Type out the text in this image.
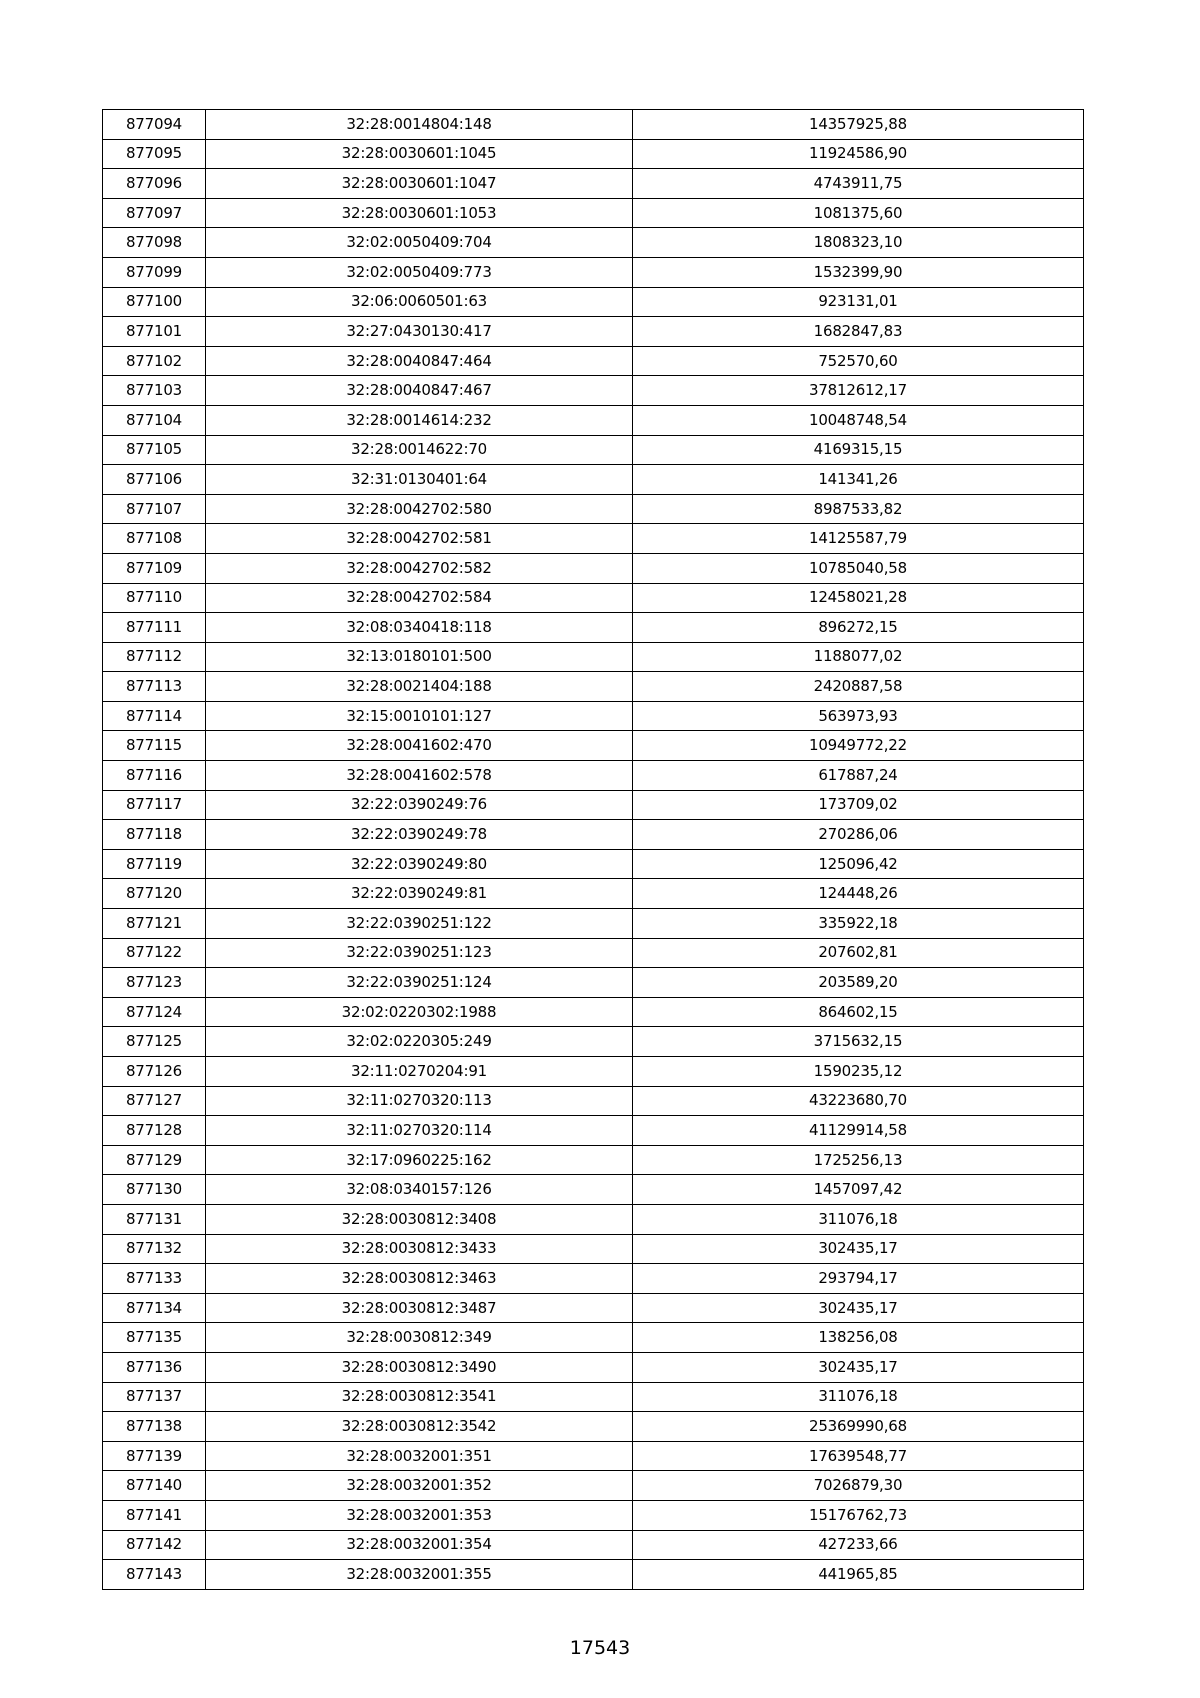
877094	32:28:0014804:148	14357925,88
877095	32:28:0030601:1045	11924586,90
877096	32:28:0030601:1047	4743911,75
877097	32:28:0030601:1053	1081375,60
877098	32:02:0050409:704	1808323,10
877099	32:02:0050409:773	1532399,90
877100	32:06:0060501:63	923131,01
877101	32:27:0430130:417	1682847,83
877102	32:28:0040847:464	752570,60
877103	32:28:0040847:467	37812612,17
877104	32:28:0014614:232	10048748,54
877105	32:28:0014622:70	4169315,15
877106	32:31:0130401:64	141341,26
877107	32:28:0042702:580	8987533,82
877108	32:28:0042702:581	14125587,79
877109	32:28:0042702:582	10785040,58
877110	32:28:0042702:584	12458021,28
877111	32:08:0340418:118	896272,15
877112	32:13:0180101:500	1188077,02
877113	32:28:0021404:188	2420887,58
877114	32:15:0010101:127	563973,93
877115	32:28:0041602:470	10949772,22
877116	32:28:0041602:578	617887,24
877117	32:22:0390249:76	173709,02
877118	32:22:0390249:78	270286,06
877119	32:22:0390249:80	125096,42
877120	32:22:0390249:81	124448,26
877121	32:22:0390251:122	335922,18
877122	32:22:0390251:123	207602,81
877123	32:22:0390251:124	203589,20
877124	32:02:0220302:1988	864602,15
877125	32:02:0220305:249	3715632,15
877126	32:11:0270204:91	1590235,12
877127	32:11:0270320:113	43223680,70
877128	32:11:0270320:114	41129914,58
877129	32:17:0960225:162	1725256,13
877130	32:08:0340157:126	1457097,42
877131	32:28:0030812:3408	311076,18
877132	32:28:0030812:3433	302435,17
877133	32:28:0030812:3463	293794,17
877134	32:28:0030812:3487	302435,17
877135	32:28:0030812:349	138256,08
877136	32:28:0030812:3490	302435,17
877137	32:28:0030812:3541	311076,18
877138	32:28:0030812:3542	25369990,68
877139	32:28:0032001:351	17639548,77
877140	32:28:0032001:352	7026879,30
877141	32:28:0032001:353	15176762,73
877142	32:28:0032001:354	427233,66
877143	32:28:0032001:355	441965,85
17543
